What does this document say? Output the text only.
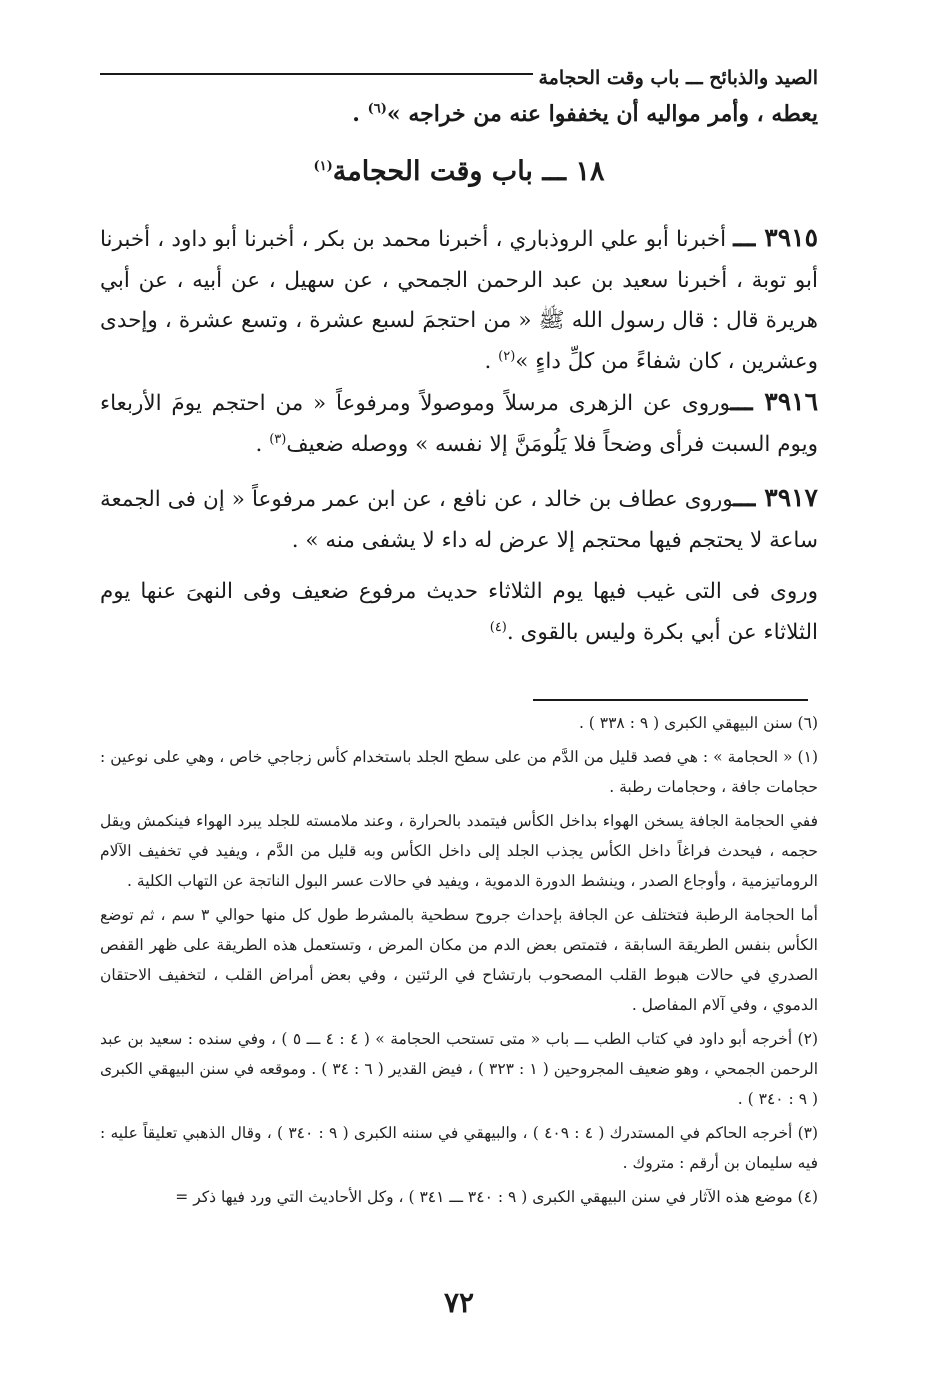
الصيد والذبائح ـــ باب وقت الحجامة
يعطه ، وأمر مواليه أن يخففوا عنه من خراجه »$^{(٦)}$ .
١٨ ـــ باب وقت الحجامة$^{(١)}$
٣٩١٥ ـــ أخبرنا أبو علي الروذباري ، أخبرنا محمد بن بكر ، أخبرنا أبو داود ، أخبرنا أبو توبة ، أخبرنا سعيد بن عبد الرحمن الجمحي ، عن سهيل ، عن أبيه ، عن أبي هريرة قال : قال رسول الله ﷺ « من احتجمَ لسبع عشرة ، وتسع عشرة ، وإحدى وعشرين ، كان شفاءً من كلِّ داءٍ »$^{(٢)}$ .
٣٩١٦ ـــوروى عن الزهرى مرسلاً وموصولاً ومرفوعاً « من احتجم يومَ الأربعاء ويوم السبت فرأى وضحاً فلا يَلُومَنَّ إلا نفسه » ووصله ضعيف$^{(٣)}$ .
٣٩١٧ ـــوروى عطاف بن خالد ، عن نافع ، عن ابن عمر مرفوعاً « إن فى الجمعة ساعة لا يحتجم فيها محتجم إلا عرض له داء لا يشفى منه » .
وروى فى التى غيب فيها يوم الثلاثاء حديث مرفوع ضعيف وفى النهىَ عنها يوم الثلاثاء عن أبي بكرة وليس بالقوى .$^{(٤)}$

(٦) سنن البيهقي الكبرى ( ٩ : ٣٣٨ ) .

(١) « الحجامة » : هي فصد قليل من الدَّم من على سطح الجلد باستخدام كأس زجاجي خاص ، وهي على نوعين : حجامات جافة ، وحجامات رطبة .

ففي الحجامة الجافة يسخن الهواء بداخل الكأس فيتمدد بالحرارة ، وعند ملامسته للجلد يبرد الهواء فينكمش ويقل حجمه ، فيحدث فراغاً داخل الكأس يجذب الجلد إلى داخل الكأس وبه قليل من الدَّم ، ويفيد في تخفيف الآلام الروماتيزمية ، وأوجاع الصدر ، وينشط الدورة الدموية ، ويفيد في حالات عسر البول الناتجة عن التهاب الكلية .

أما الحجامة الرطبة فتختلف عن الجافة بإحداث جروح سطحية بالمشرط طول كل منها حوالي ٣ سم ، ثم توضع الكأس بنفس الطريقة السابقة ، فتمتص بعض الدم من مكان المرض ، وتستعمل هذه الطريقة على ظهر القفص الصدري في حالات هبوط القلب المصحوب بارتشاح في الرئتين ، وفي بعض أمراض القلب ، لتخفيف الاحتقان الدموي ، وفي آلام المفاصل .

(٢) أخرجه أبو داود في كتاب الطب ـــ باب « متى تستحب الحجامة » ( ٤ : ٤ ـــ ٥ ) ، وفي سنده : سعيد بن عبد الرحمن الجمحي ، وهو ضعيف المجروحين ( ١ : ٣٢٣ ) ، فيض القدير ( ٦ : ٣٤ ) . وموقعه في سنن البيهقي الكبرى ( ٩ : ٣٤٠ ) .

(٣) أخرجه الحاكم في المستدرك ( ٤ : ٤٠٩ ) ، والبيهقي في سننه الكبرى ( ٩ : ٣٤٠ ) ، وقال الذهبي تعليقاً عليه : فيه سليمان بن أرقم : متروك .

(٤) موضع هذه الآثار في سنن البيهقي الكبرى ( ٩ : ٣٤٠ ـــ ٣٤١ ) ، وكل الأحاديث التي ورد فيها ذكر =

٧٢
